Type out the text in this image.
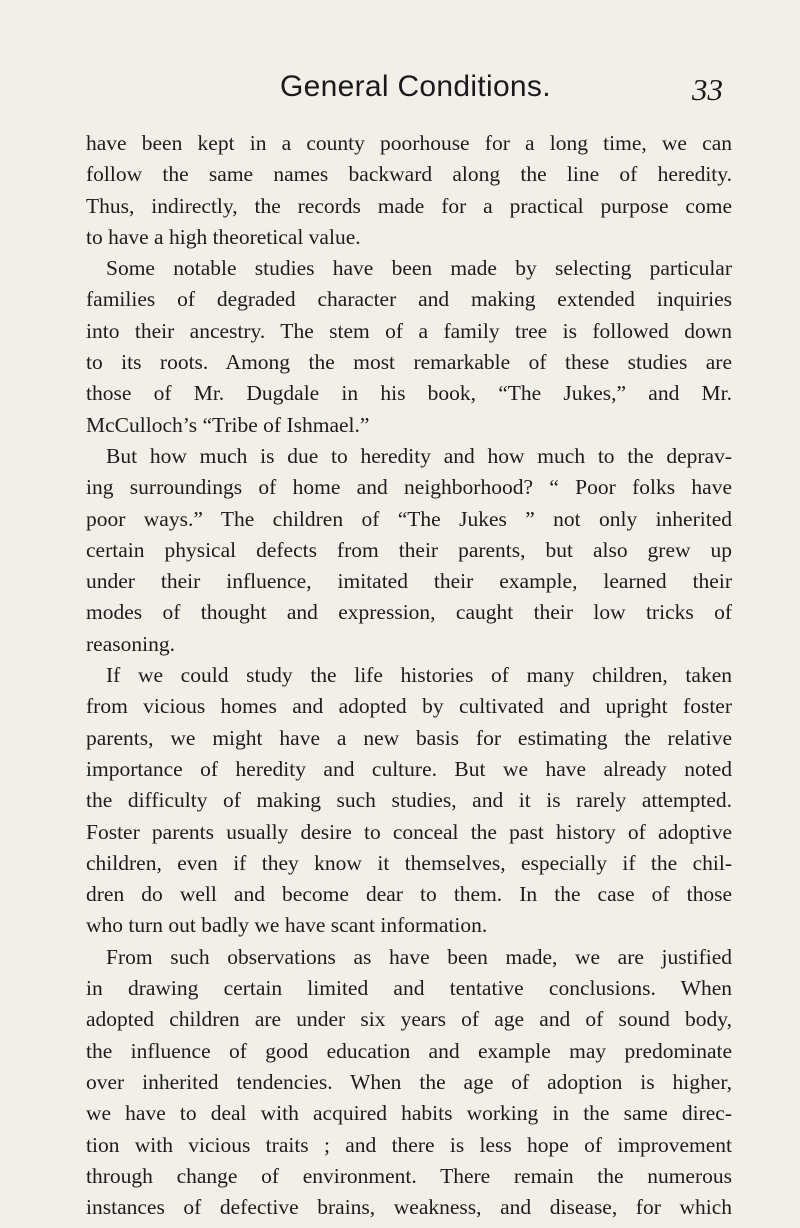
General Conditions.	33
have been kept in a county poorhouse for a long time, we can
follow the same names backward along the line of heredity.
Thus, indirectly, the records made for a practical purpose come
to have a high theoretical value.
Some notable studies have been made by selecting particular
families of degraded character and making extended inquiries
into their ancestry. The stem of a family tree is followed down
to its roots. Among the most remarkable of these studies are
those of Mr. Dugdale in his book, “The Jukes,” and Mr.
McCulloch’s “Tribe of Ishmael.”
But how much is due to heredity and how much to the deprav-
ing surroundings of home and neighborhood? “ Poor folks have
poor ways.” The children of “The Jukes ” not only inherited
certain physical defects from their parents, but also grew up
under their influence, imitated their example, learned their
modes of thought and expression, caught their low tricks of
reasoning.
If we could study the life histories of many children, taken
from vicious homes and adopted by cultivated and upright foster
parents, we might have a new basis for estimating the relative
importance of heredity and culture. But we have already noted
the difficulty of making such studies, and it is rarely attempted.
Foster parents usually desire to conceal the past history of adoptive
children, even if they know it themselves, especially if the chil-
dren do well and become dear to them. In the case of those
who turn out badly we have scant information.
From such observations as have been made, we are justified
in drawing certain limited and tentative conclusions. When
adopted children are under six years of age and of sound body,
the influence of good education and example may predominate
over inherited tendencies. When the age of adoption is higher,
we have to deal with acquired habits working in the same direc-
tion with vicious traits ; and there is less hope of improvement
through change of environment. There remain the numerous
instances of defective brains, weakness, and disease, for which
